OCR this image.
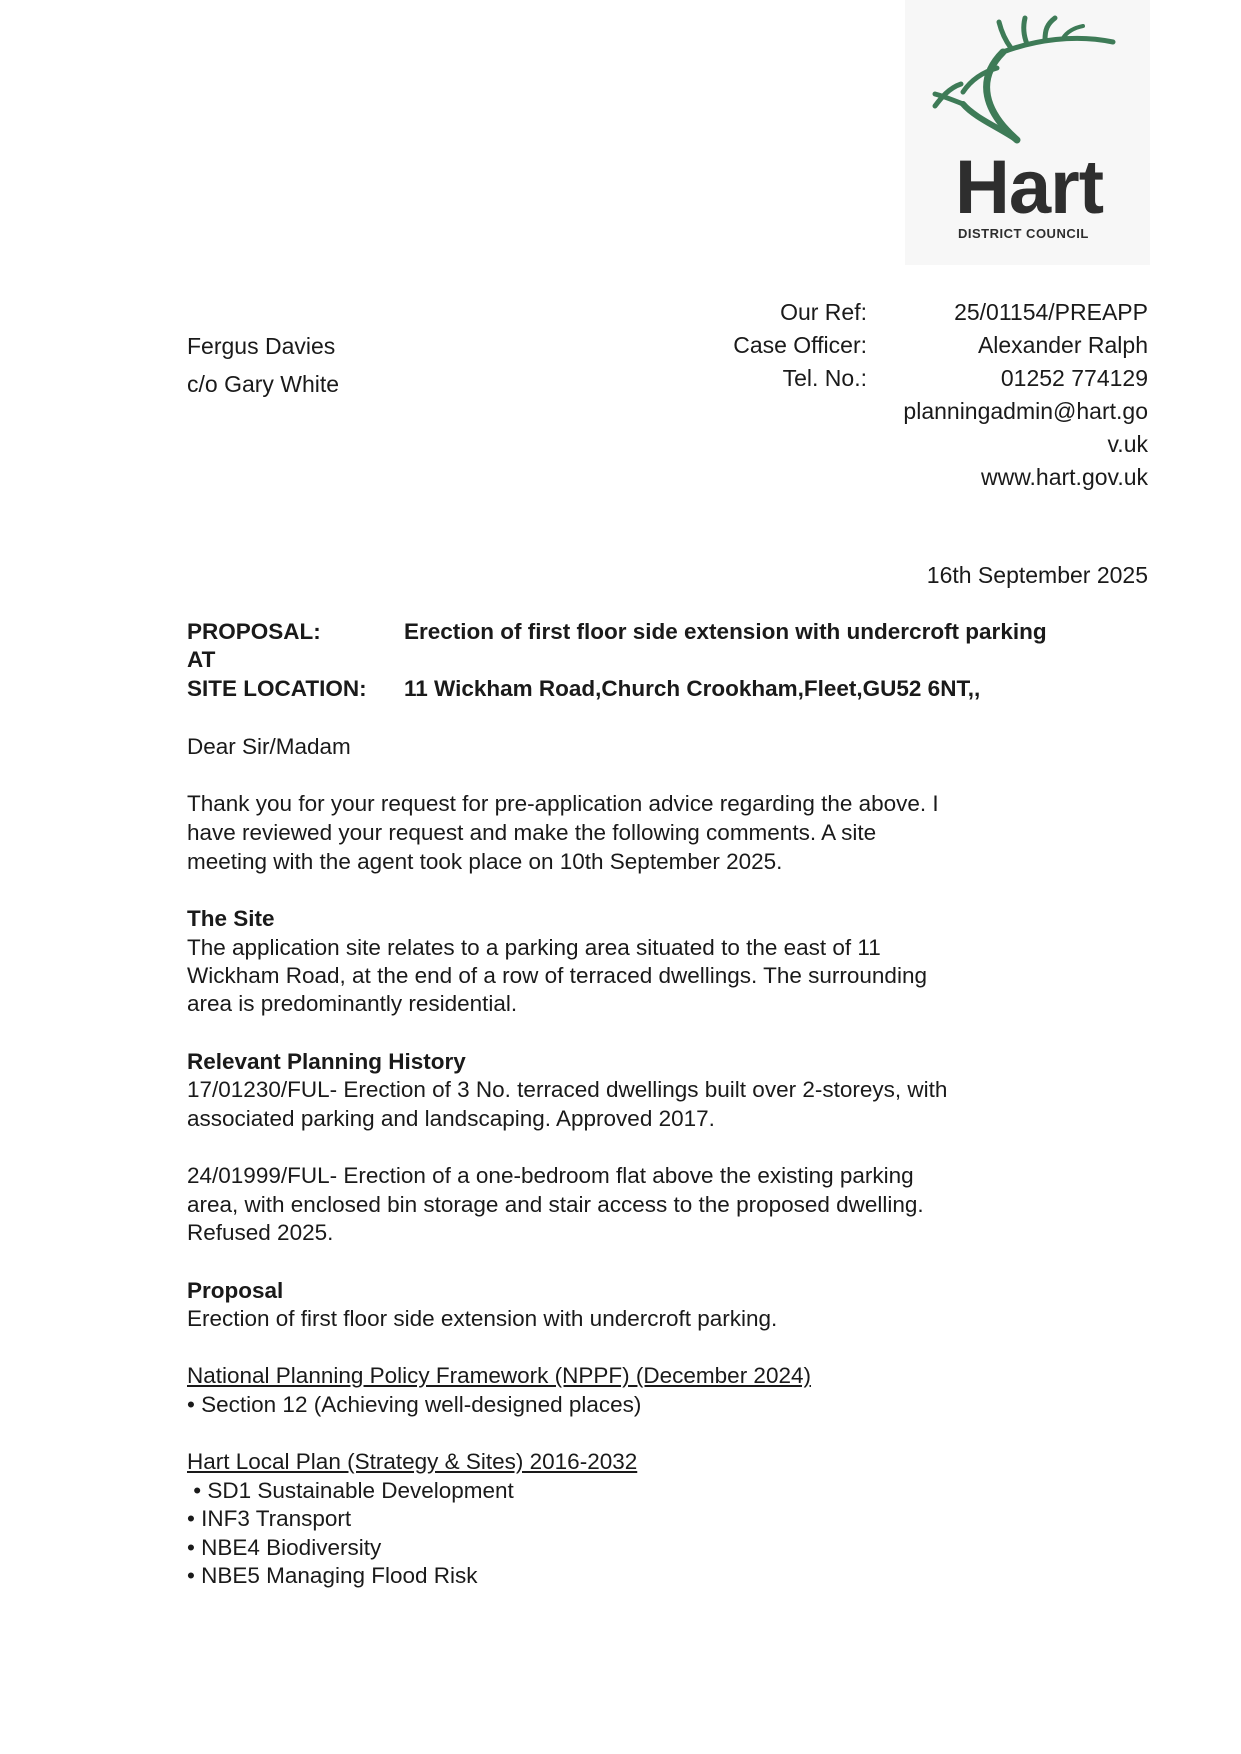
Hart
DISTRICT COUNCIL
Fergus Davies
c/o Gary White
Our Ref:	25/01154/PREAPP
Case Officer:	Alexander Ralph
Tel. No.:	01252 774129
planningadmin@hart.go
v.uk
www.hart.gov.uk
16th September 2025
PROPOSAL:	Erection of first floor side extension with undercroft parking
AT
SITE LOCATION: 11 Wickham Road,Church Crookham,Fleet,GU52 6NT,,
Dear Sir/Madam
Thank you for your request for pre-application advice regarding the above. I
have reviewed your request and make the following comments. A site
meeting with the agent took place on 10th September 2025.
The Site
The application site relates to a parking area situated to the east of 11
Wickham Road, at the end of a row of terraced dwellings. The surrounding
area is predominantly residential.
Relevant Planning History
17/01230/FUL- Erection of 3 No. terraced dwellings built over 2-storeys, with
associated parking and landscaping. Approved 2017.
24/01999/FUL- Erection of a one-bedroom flat above the existing parking
area, with enclosed bin storage and stair access to the proposed dwelling.
Refused 2025.
Proposal
Erection of first floor side extension with undercroft parking.
National Planning Policy Framework (NPPF) (December 2024)
• Section 12 (Achieving well-designed places)
Hart Local Plan (Strategy & Sites) 2016-2032
• SD1 Sustainable Development
• INF3 Transport
• NBE4 Biodiversity
• NBE5 Managing Flood Risk
